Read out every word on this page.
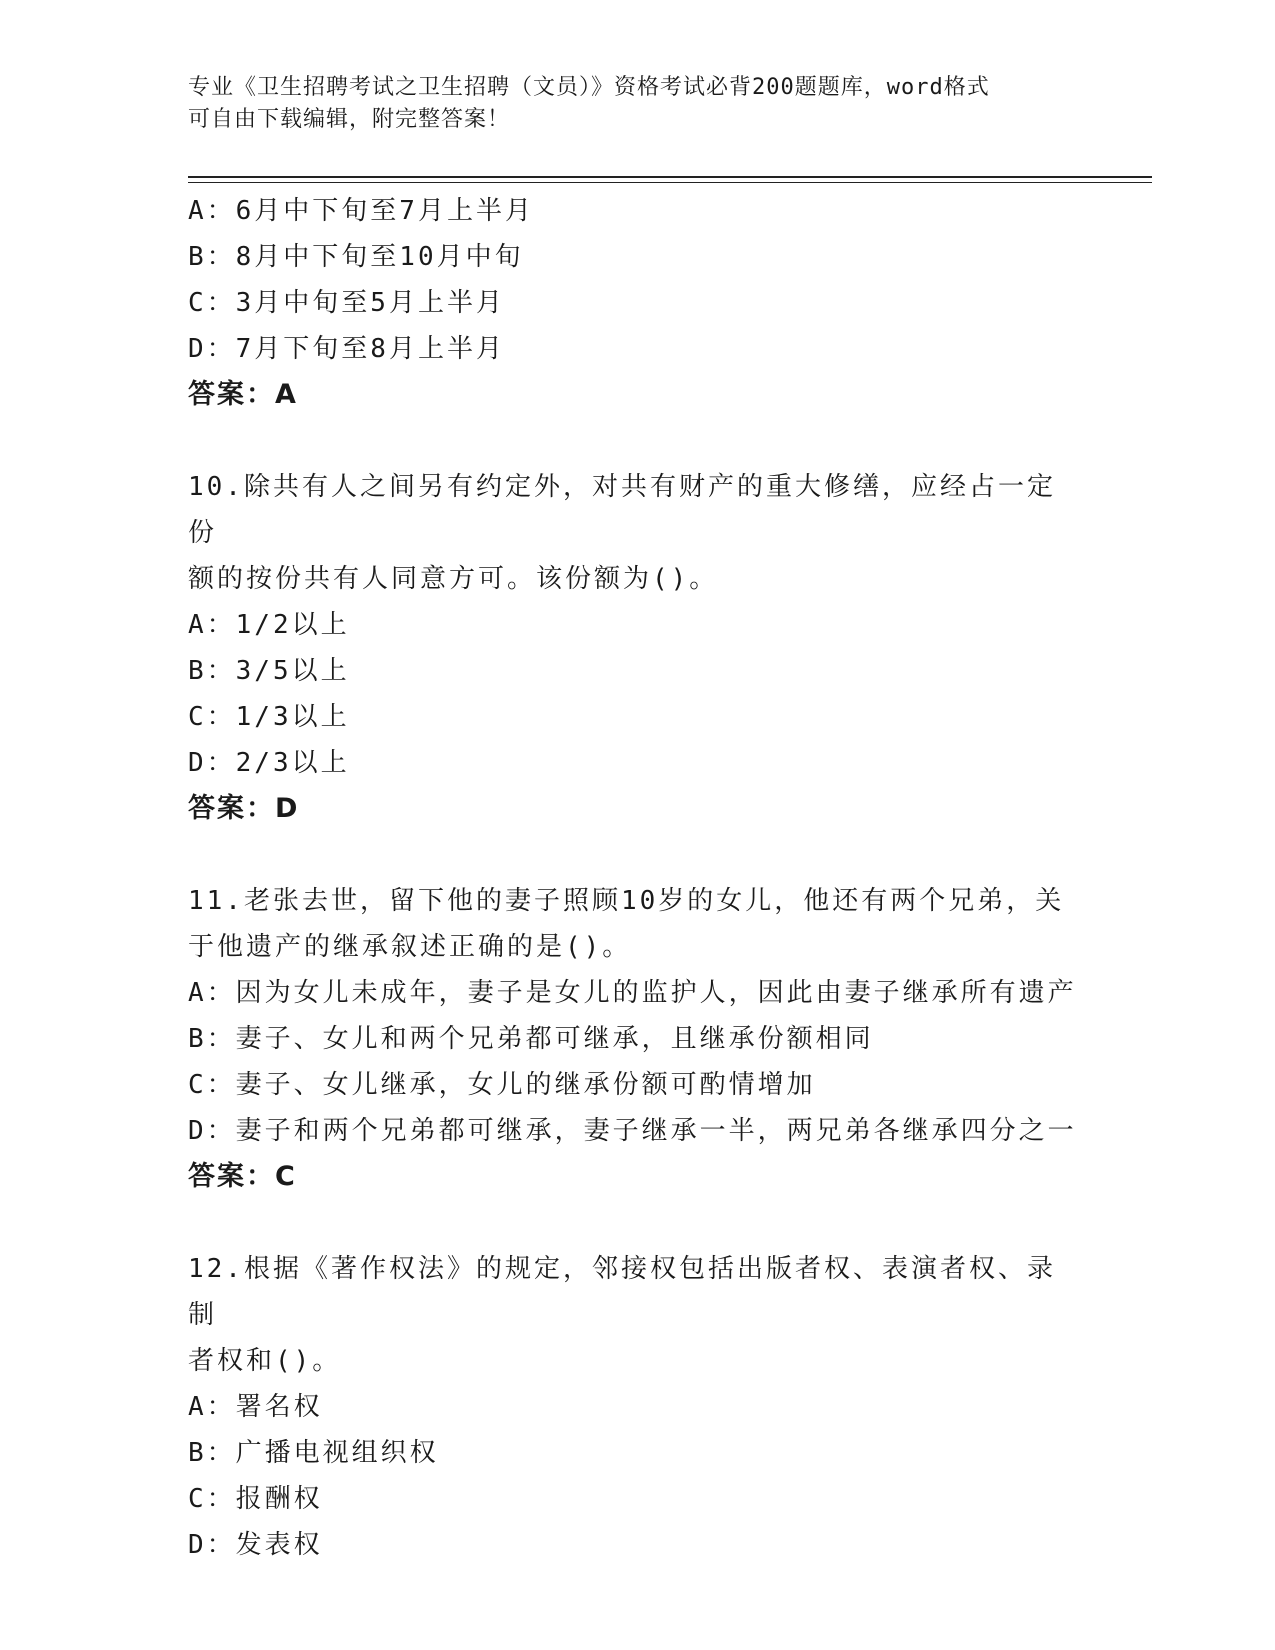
专业《卫生招聘考试之卫生招聘（文员）》资格考试必背200题题库，word格式
可自由下载编辑，附完整答案！
A：6月中下旬至7月上半月
B：8月中下旬至10月中旬
C：3月中旬至5月上半月
D：7月下旬至8月上半月
答案：A
10.除共有人之间另有约定外，对共有财产的重大修缮，应经占一定份
额的按份共有人同意方可。该份额为()。
A：1/2以上
B：3/5以上
C：1/3以上
D：2/3以上
答案：D
11.老张去世，留下他的妻子照顾10岁的女儿，他还有两个兄弟，关
于他遗产的继承叙述正确的是()。
A：因为女儿未成年，妻子是女儿的监护人，因此由妻子继承所有遗产
B：妻子、女儿和两个兄弟都可继承，且继承份额相同
C：妻子、女儿继承，女儿的继承份额可酌情增加
D：妻子和两个兄弟都可继承，妻子继承一半，两兄弟各继承四分之一
答案：C
12.根据《著作权法》的规定，邻接权包括出版者权、表演者权、录制
者权和()。
A：署名权
B：广播电视组织权
C：报酬权
D：发表权
